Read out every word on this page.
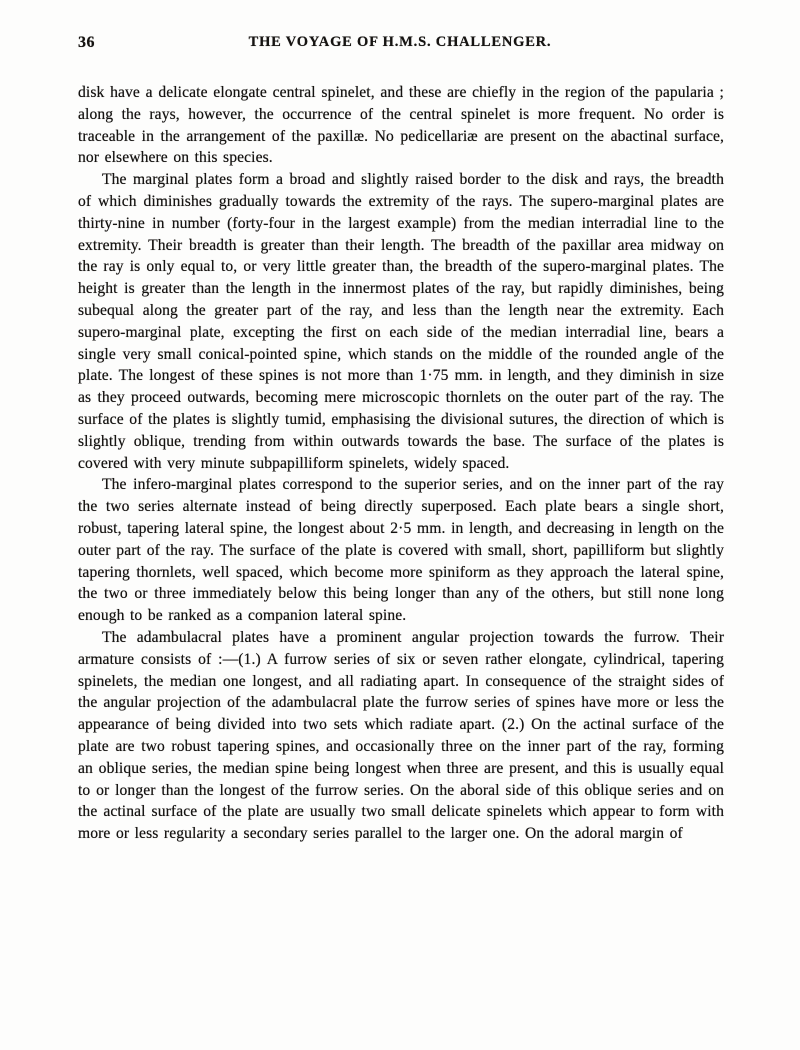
36	THE VOYAGE OF H.M.S. CHALLENGER.

disk have a delicate elongate central spinelet, and these are chiefly in the region of the papularia ; along the rays, however, the occurrence of the central spinelet is more frequent. No order is traceable in the arrangement of the paxillæ. No pedicellariæ are present on the abactinal surface, nor elsewhere on this species.

The marginal plates form a broad and slightly raised border to the disk and rays, the breadth of which diminishes gradually towards the extremity of the rays. The supero-marginal plates are thirty-nine in number (forty-four in the largest example) from the median interradial line to the extremity. Their breadth is greater than their length. The breadth of the paxillar area midway on the ray is only equal to, or very little greater than, the breadth of the supero-marginal plates. The height is greater than the length in the innermost plates of the ray, but rapidly diminishes, being subequal along the greater part of the ray, and less than the length near the extremity. Each supero-marginal plate, excepting the first on each side of the median interradial line, bears a single very small conical-pointed spine, which stands on the middle of the rounded angle of the plate. The longest of these spines is not more than 1·75 mm. in length, and they diminish in size as they proceed outwards, becoming mere microscopic thornlets on the outer part of the ray. The surface of the plates is slightly tumid, emphasising the divisional sutures, the direction of which is slightly oblique, trending from within outwards towards the base. The surface of the plates is covered with very minute subpapilliform spinelets, widely spaced.

The infero-marginal plates correspond to the superior series, and on the inner part of the ray the two series alternate instead of being directly superposed. Each plate bears a single short, robust, tapering lateral spine, the longest about 2·5 mm. in length, and decreasing in length on the outer part of the ray. The surface of the plate is covered with small, short, papilliform but slightly tapering thornlets, well spaced, which become more spiniform as they approach the lateral spine, the two or three immediately below this being longer than any of the others, but still none long enough to be ranked as a companion lateral spine.

The adambulacral plates have a prominent angular projection towards the furrow. Their armature consists of :—(1.) A furrow series of six or seven rather elongate, cylindrical, tapering spinelets, the median one longest, and all radiating apart. In consequence of the straight sides of the angular projection of the adambulacral plate the furrow series of spines have more or less the appearance of being divided into two sets which radiate apart. (2.) On the actinal surface of the plate are two robust tapering spines, and occasionally three on the inner part of the ray, forming an oblique series, the median spine being longest when three are present, and this is usually equal to or longer than the longest of the furrow series. On the aboral side of this oblique series and on the actinal surface of the plate are usually two small delicate spinelets which appear to form with more or less regularity a secondary series parallel to the larger one. On the adoral margin of
